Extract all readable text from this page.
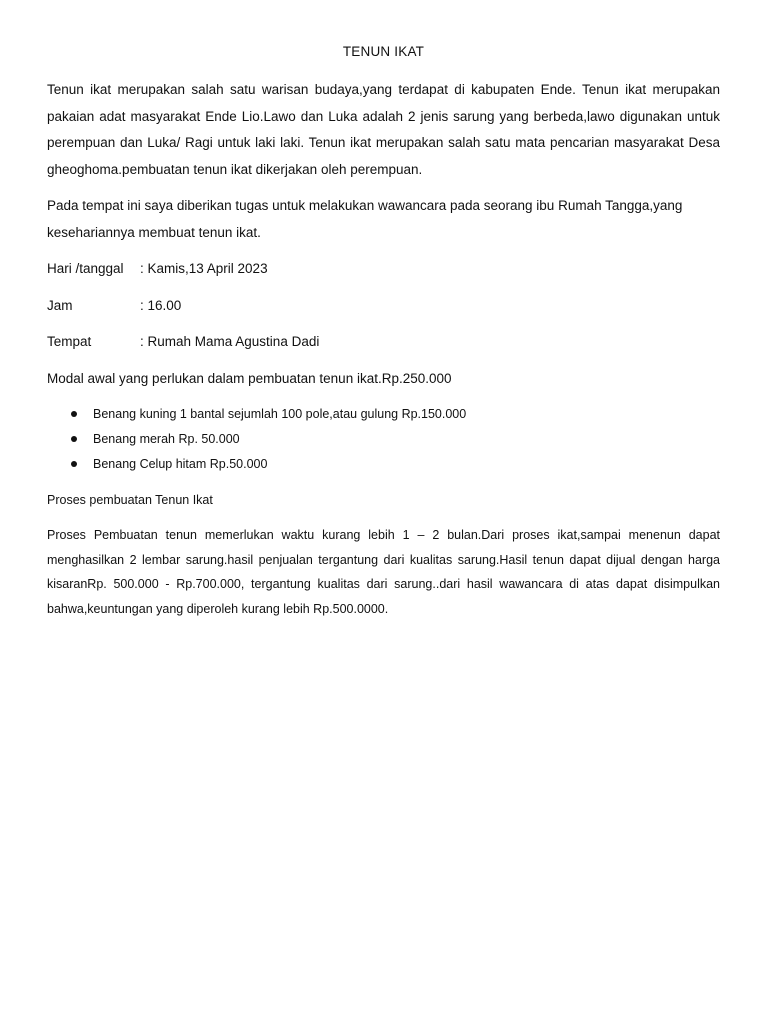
TENUN IKAT

Tenun ikat merupakan salah satu warisan budaya,yang terdapat di kabupaten Ende. Tenun ikat merupakan pakaian adat masyarakat Ende Lio.Lawo dan Luka adalah 2 jenis sarung yang berbeda,lawo digunakan untuk perempuan dan Luka/ Ragi untuk laki laki. Tenun ikat merupakan salah satu mata pencarian masyarakat Desa gheoghoma.pembuatan tenun ikat dikerjakan oleh perempuan.

Pada tempat ini saya diberikan tugas untuk melakukan wawancara pada seorang ibu Rumah Tangga,yang kesehariannya membuat tenun ikat.

Hari /tanggal	: Kamis,13 April 2023
Jam	: 16.00
Tempat	: Rumah Mama Agustina Dadi

Modal awal yang perlukan dalam pembuatan tenun ikat.Rp.250.000

Benang kuning 1 bantal sejumlah 100 pole,atau gulung Rp.150.000
Benang merah Rp. 50.000
Benang Celup hitam Rp.50.000
Proses pembuatan Tenun Ikat

Proses Pembuatan tenun memerlukan waktu kurang lebih 1 – 2 bulan.Dari proses ikat,sampai menenun dapat menghasilkan 2 lembar sarung.hasil penjualan tergantung dari kualitas sarung.Hasil tenun dapat dijual dengan harga kisaranRp. 500.000 - Rp.700.000, tergantung kualitas dari sarung..dari hasil wawancara di atas dapat disimpulkan bahwa,keuntungan yang diperoleh kurang lebih Rp.500.0000.
